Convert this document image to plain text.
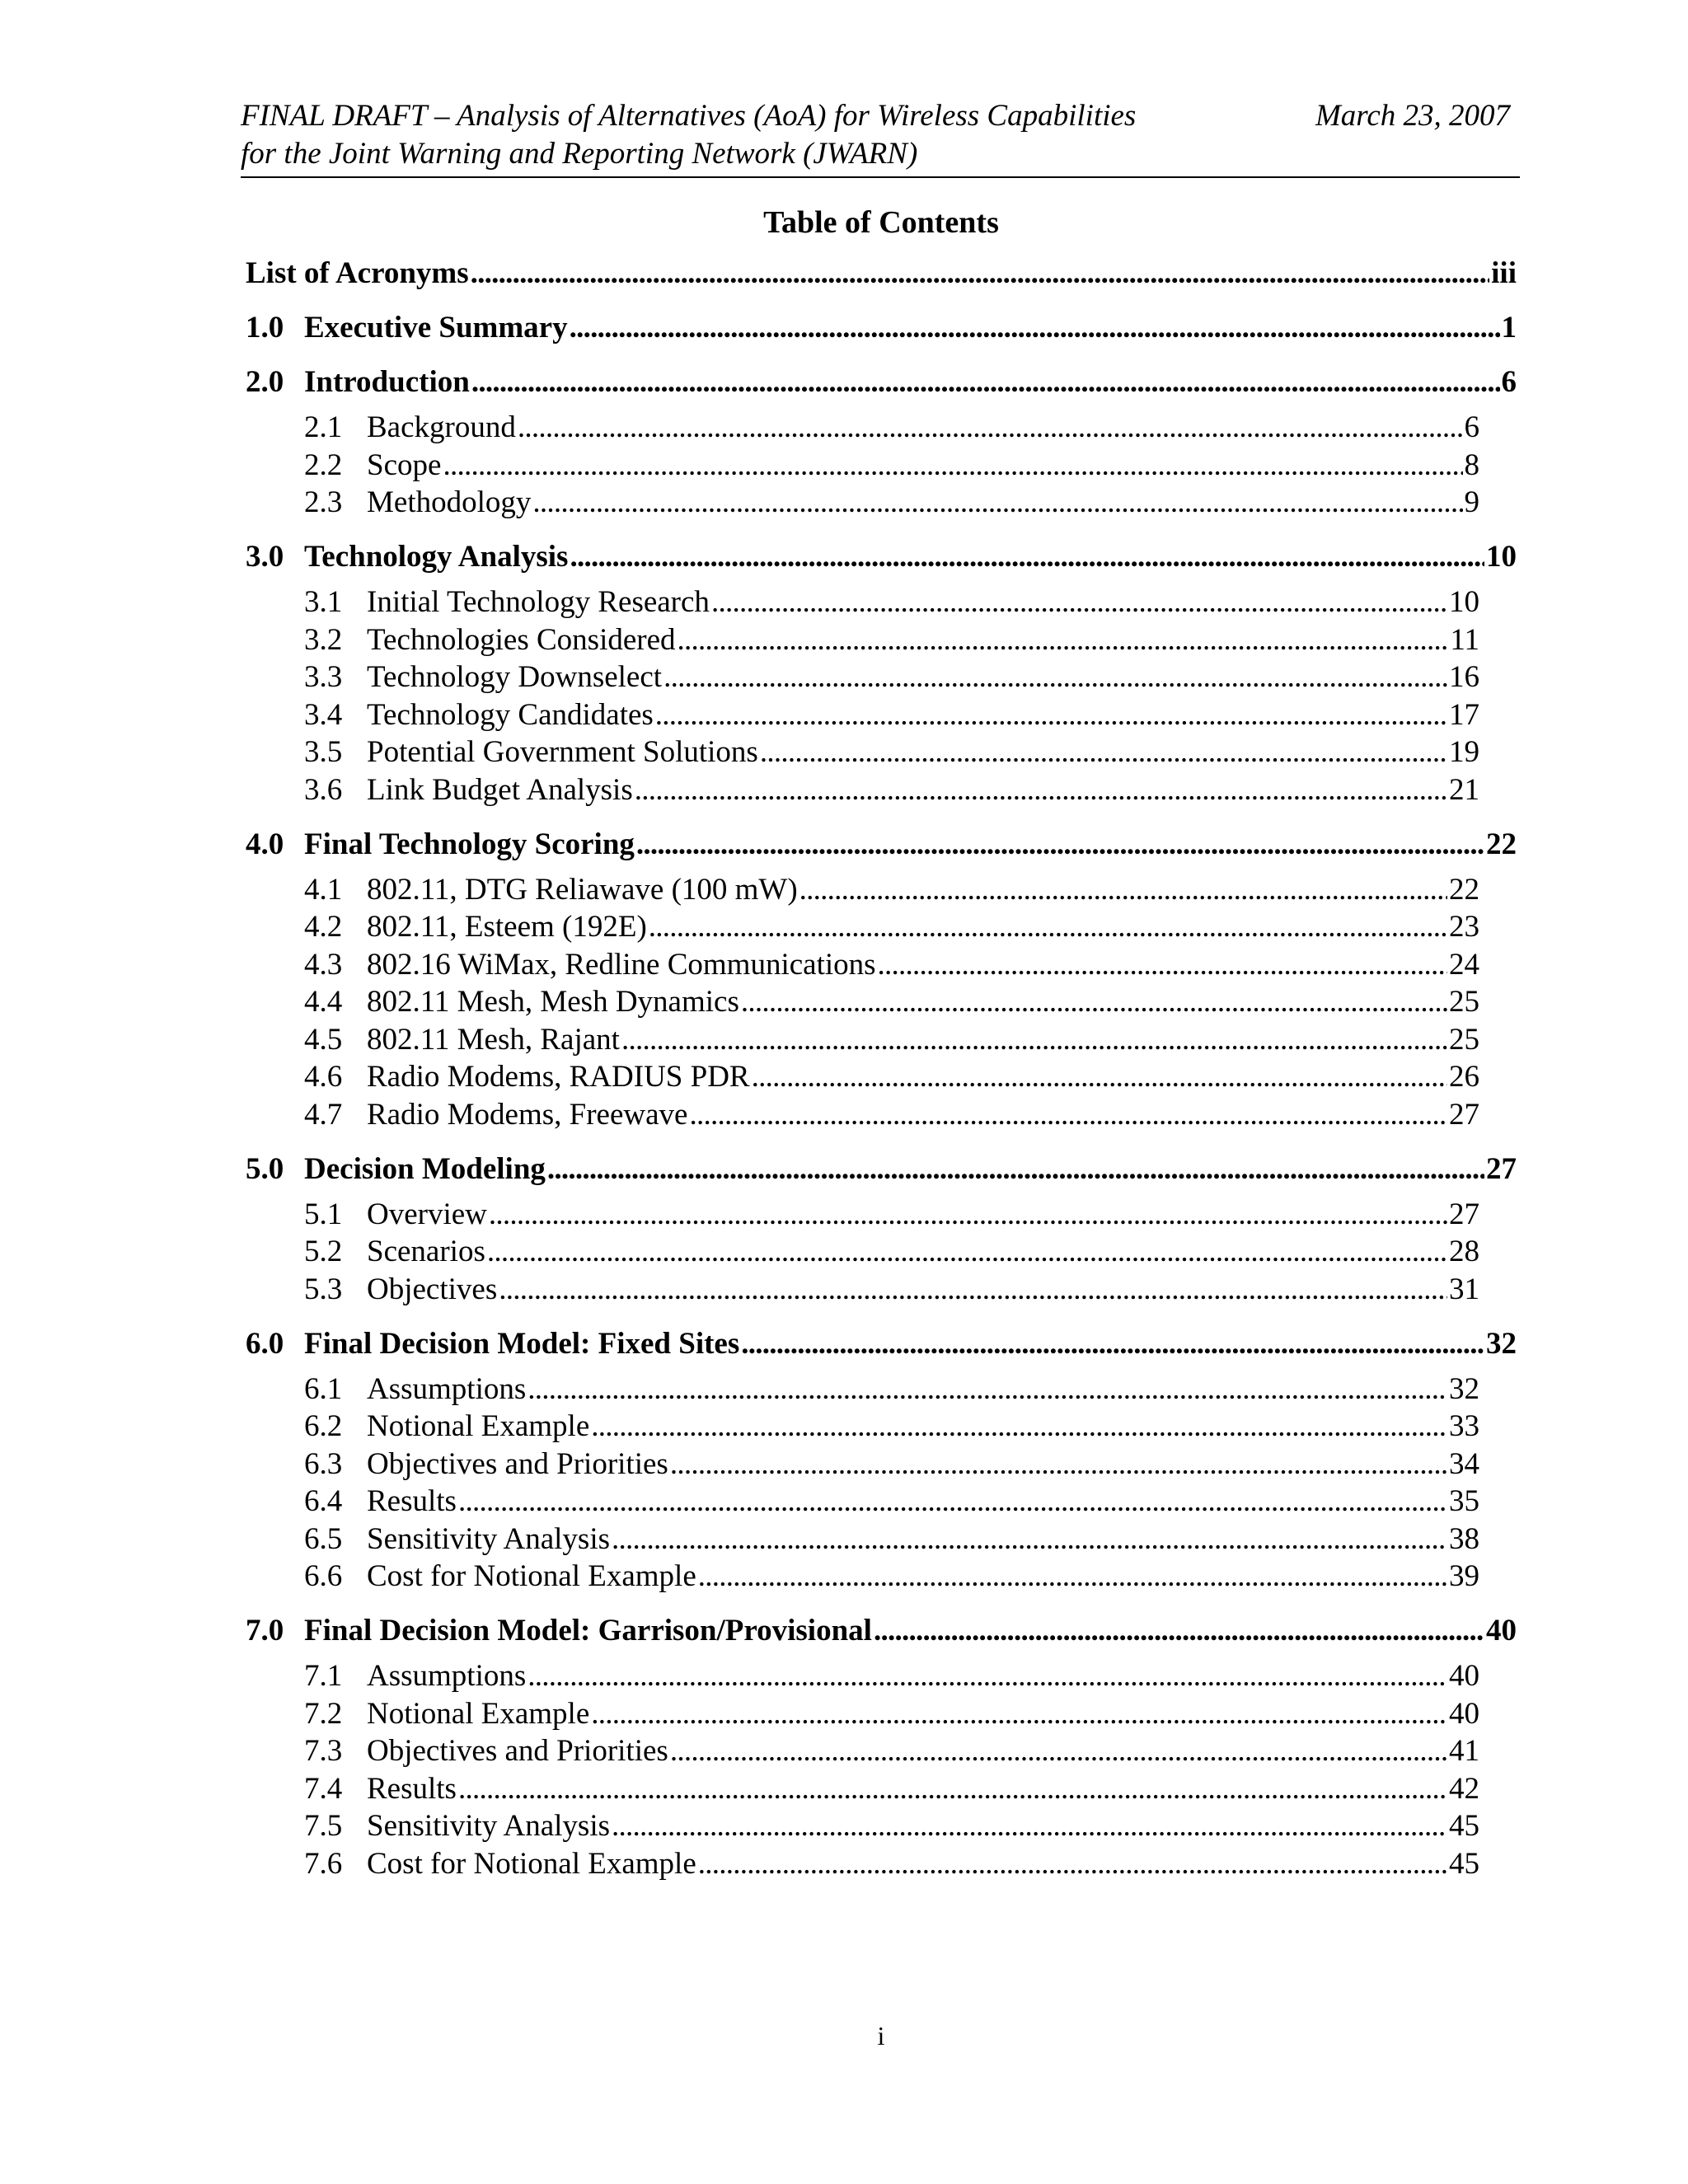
FINAL DRAFT – Analysis of Alternatives (AoA) for Wireless Capabilities	March 23, 2007
for the Joint Warning and Reporting Network (JWARN)
Table of Contents
List of Acronyms . . .	iii
1.0 Executive Summary . . .	1
2.0 Introduction . . .	6
2.1 Background . . .	6
2.2 Scope . . .	8
2.3 Methodology . . .	9
3.0 Technology Analysis . . .	10
3.1 Initial Technology Research . . .	10
3.2 Technologies Considered . . .	11
3.3 Technology Downselect . . .	16
3.4 Technology Candidates . . .	17
3.5 Potential Government Solutions . . .	19
3.6 Link Budget Analysis . . .	21
4.0 Final Technology Scoring . . .	22
4.1 802.11, DTG Reliawave (100 mW) . . .	22
4.2 802.11, Esteem (192E) . . .	23
4.3 802.16 WiMax, Redline Communications . . .	24
4.4 802.11 Mesh, Mesh Dynamics . . .	25
4.5 802.11 Mesh, Rajant . . .	25
4.6 Radio Modems, RADIUS PDR . . .	26
4.7 Radio Modems, Freewave . . .	27
5.0 Decision Modeling . . .	27
5.1 Overview . . .	27
5.2 Scenarios . . .	28
5.3 Objectives . . .	31
6.0 Final Decision Model: Fixed Sites . . .	32
6.1 Assumptions . . .	32
6.2 Notional Example . . .	33
6.3 Objectives and Priorities . . .	34
6.4 Results . . .	35
6.5 Sensitivity Analysis . . .	38
6.6 Cost for Notional Example . . .	39
7.0 Final Decision Model: Garrison/Provisional . . .	40
7.1 Assumptions . . .	40
7.2 Notional Example . . .	40
7.3 Objectives and Priorities . . .	41
7.4 Results . . .	42
7.5 Sensitivity Analysis . . .	45
7.6 Cost for Notional Example . . .	45
i
